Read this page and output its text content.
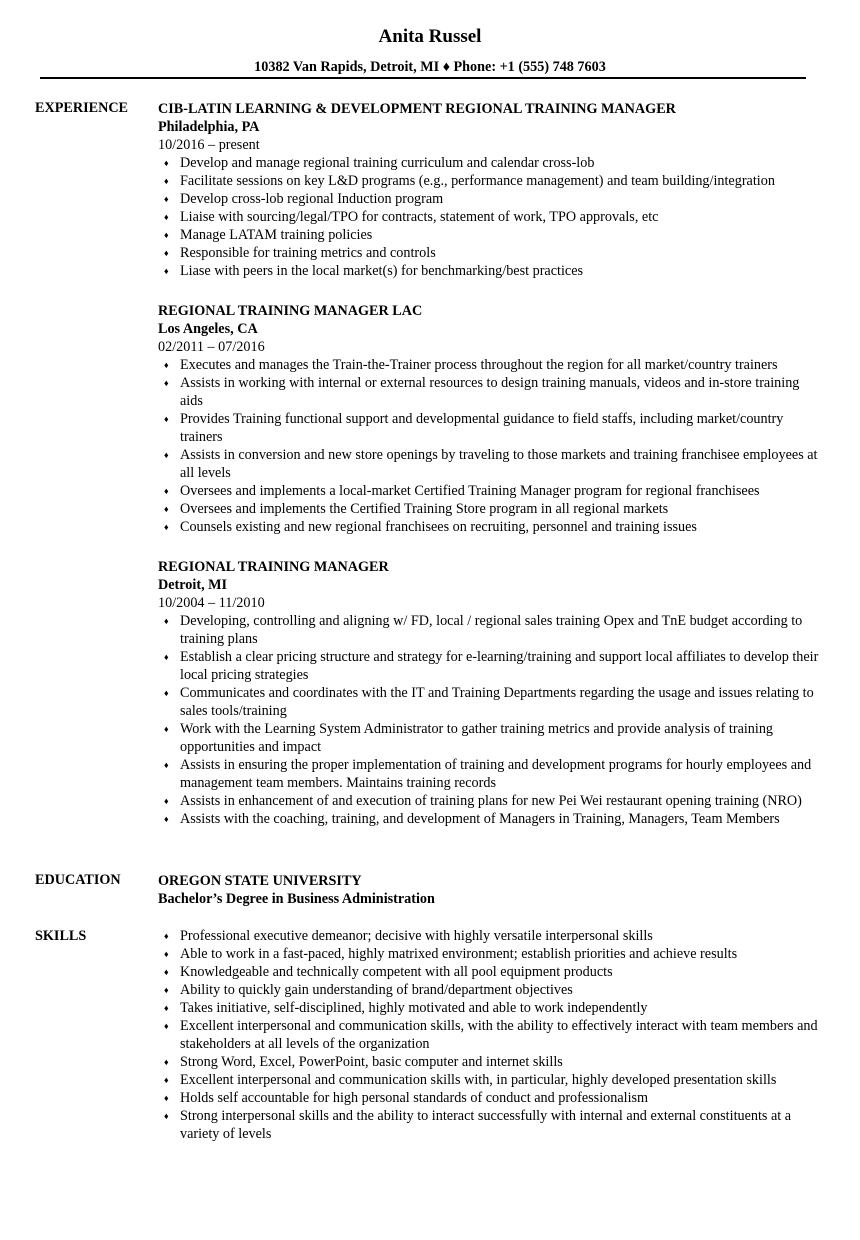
Anita Russel
10382 Van Rapids, Detroit, MI ♦ Phone: +1 (555) 748 7603
EXPERIENCE CIB-LATIN LEARNING & DEVELOPMENT REGIONAL TRAINING MANAGER
Philadelphia, PA
10/2016 – present
♦ Develop and manage regional training curriculum and calendar cross-lob
♦ Facilitate sessions on key L&D programs (e.g., performance management) and team building/integration
♦ Develop cross-lob regional Induction program
♦ Liaise with sourcing/legal/TPO for contracts, statement of work, TPO approvals, etc
♦ Manage LATAM training policies
♦ Responsible for training metrics and controls
♦ Liase with peers in the local market(s) for benchmarking/best practices
REGIONAL TRAINING MANAGER LAC
Los Angeles, CA
02/2011 – 07/2016
♦ Executes and manages the Train-the-Trainer process throughout the region for all market/country trainers
♦ Assists in working with internal or external resources to design training manuals, videos and in-store training aids
♦ Provides Training functional support and developmental guidance to field staffs, including market/country trainers
♦ Assists in conversion and new store openings by traveling to those markets and training franchisee employees at all levels
♦ Oversees and implements a local-market Certified Training Manager program for regional franchisees
♦ Oversees and implements the Certified Training Store program in all regional markets
♦ Counsels existing and new regional franchisees on recruiting, personnel and training issues
REGIONAL TRAINING MANAGER
Detroit, MI
10/2004 – 11/2010
♦ Developing, controlling and aligning w/ FD, local / regional sales training Opex and TnE budget according to training plans
♦ Establish a clear pricing structure and strategy for e-learning/training and support local affiliates to develop their local pricing strategies
♦ Communicates and coordinates with the IT and Training Departments regarding the usage and issues relating to sales tools/training
♦ Work with the Learning System Administrator to gather training metrics and provide analysis of training opportunities and impact
♦ Assists in ensuring the proper implementation of training and development programs for hourly employees and management team members. Maintains training records
♦ Assists in enhancement of and execution of training plans for new Pei Wei restaurant opening training (NRO)
♦ Assists with the coaching, training, and development of Managers in Training, Managers, Team Members
EDUCATION	OREGON STATE UNIVERSITY
Bachelor’s Degree in Business Administration
SKILLS	♦ Professional executive demeanor; decisive with highly versatile interpersonal skills
♦ Able to work in a fast-paced, highly matrixed environment; establish priorities and achieve results
♦ Knowledgeable and technically competent with all pool equipment products
♦ Ability to quickly gain understanding of brand/department objectives
♦ Takes initiative, self-disciplined, highly motivated and able to work independently
♦ Excellent interpersonal and communication skills, with the ability to effectively interact with team members and stakeholders at all levels of the organization
♦ Strong Word, Excel, PowerPoint, basic computer and internet skills
♦ Excellent interpersonal and communication skills with, in particular, highly developed presentation skills
♦ Holds self accountable for high personal standards of conduct and professionalism
♦ Strong interpersonal skills and the ability to interact successfully with internal and external constituents at a variety of levels
